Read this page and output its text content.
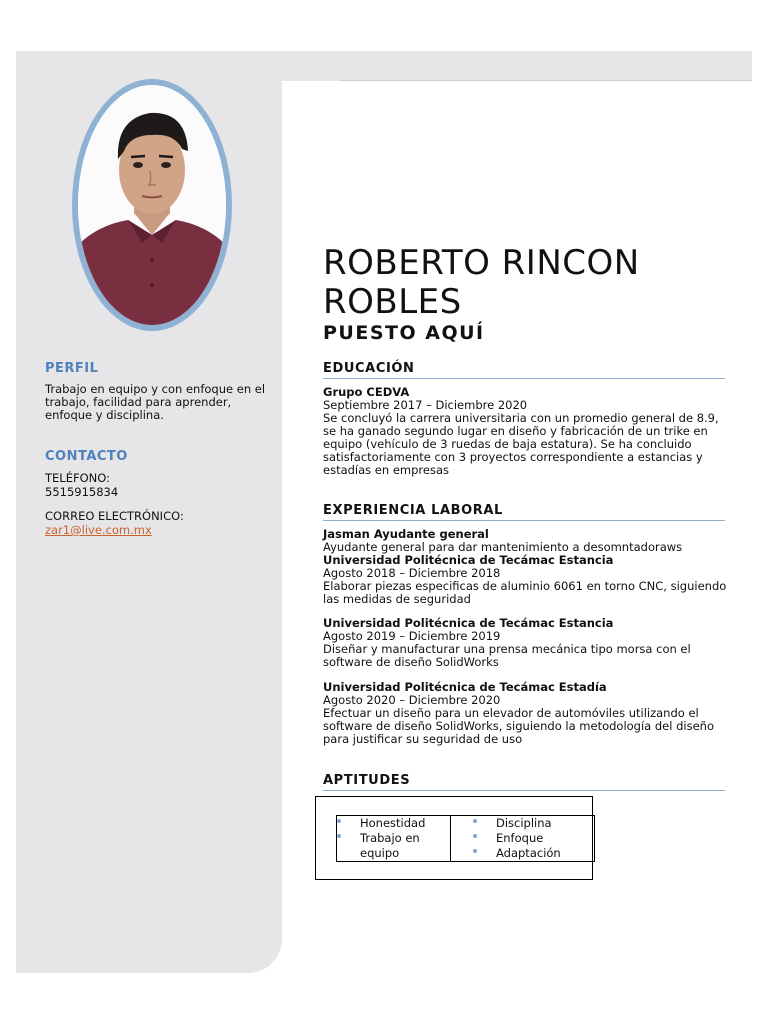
PERFIL

Trabajo en equipo y con enfoque en el trabajo, facilidad para aprender, enfoque y disciplina.

CONTACTO

TELÉFONO:

5515915834

CORREO ELECTRÓNICO:

zar1@live.com.mx

ROBERTO RINCON ROBLES
PUESTO AQUÍ
EDUCACIÓN

Grupo CEDVA

Septiembre 2017 – Diciembre 2020

Se concluyó la carrera universitaria con un promedio general de 8.9, se ha ganado segundo lugar en diseño y fabricación de un trike en equipo (vehículo de 3 ruedas de baja estatura). Se ha concluido satisfactoriamente con 3 proyectos correspondiente a estancias y estadías en empresas

EXPERIENCIA LABORAL

Jasman Ayudante general

Ayudante general para dar mantenimiento a desomntadoraws

Universidad Politécnica de Tecámac Estancia

Agosto 2018 – Diciembre 2018

Elaborar piezas especificas de aluminio 6061 en torno CNC, siguiendo las medidas de seguridad

Universidad Politécnica de Tecámac Estancia

Agosto 2019 – Diciembre 2019

Diseñar y manufacturar una prensa mecánica tipo morsa con el software de diseño SolidWorks

Universidad Politécnica de Tecámac Estadía

Agosto 2020 – Diciembre 2020

Efectuar un diseño para un elevador de automóviles utilizando el software de diseño SolidWorks, siguiendo la metodología del diseño para justificar su seguridad de uso

APTITUDES
Honestidad
Trabajo en equipo
Disciplina
Enfoque
Adaptación
